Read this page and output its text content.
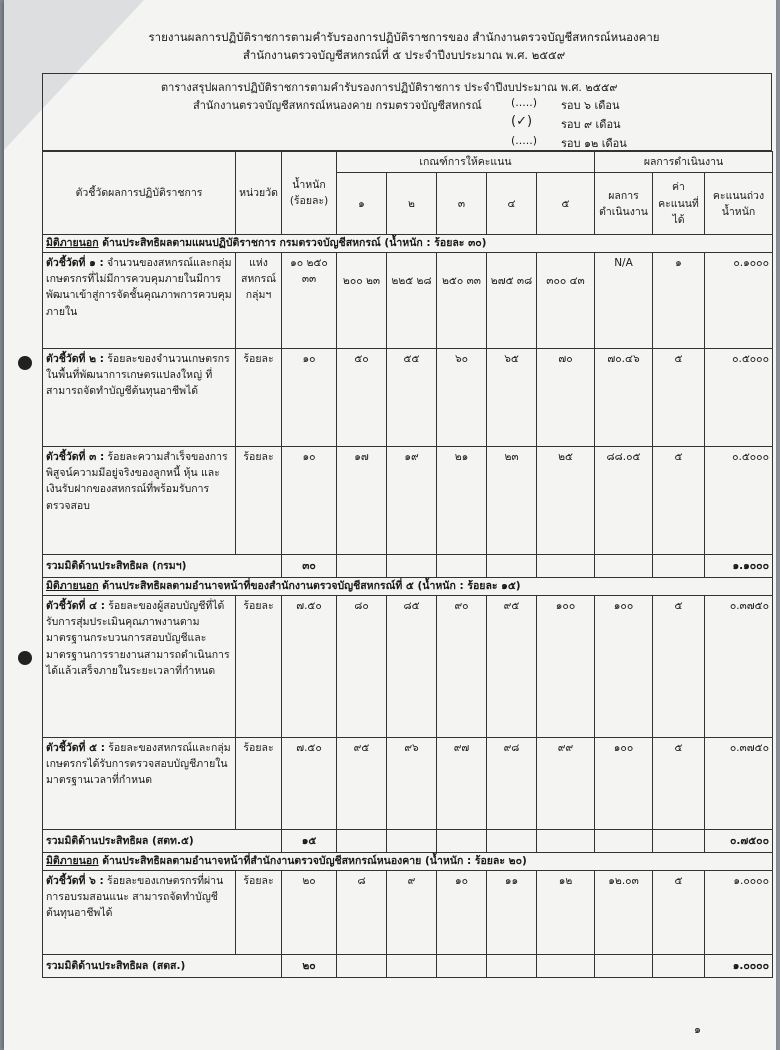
รายงานผลการปฏิบัติราชการตามคำรับรองการปฏิบัติราชการของ สำนักงานตรวจบัญชีสหกรณ์หนองคาย
สำนักงานตรวจบัญชีสหกรณ์ที่ ๕ ประจำปีงบประมาณ พ.ศ. ๒๕๕๙
ตารางสรุปผลการปฏิบัติราชการตามคำรับรองการปฏิบัติราชการ ประจำปีงบประมาณ พ.ศ. ๒๕๕๙
สำนักงานตรวจบัญชีสหกรณ์หนองคาย กรมตรวจบัญชีสหกรณ์	(.....) รอบ ๖ เดือน
(✓)	รอบ ๙ เดือน
(.....) รอบ ๑๒ เดือน
ตัวชี้วัดผลการปฏิบัติราชการ	หน่วยวัด	น้ำหนัก (ร้อยละ)	เกณฑ์การให้คะแนน					ผลการดำเนินงาน		
			๑	๒	๓	๔	๕	ผลการดำเนินงาน	ค่าคะแนนที่ได้	คะแนนถ่วงน้ำหนัก
มิติภายนอก ด้านประสิทธิผลตามแผนปฏิบัติราชการ กรมตรวจบัญชีสหกรณ์ (น้ำหนัก : ร้อยละ ๓๐)										
ตัวชี้วัดที่ ๑ : จำนวนของสหกรณ์และกลุ่มเกษตรกรที่ไม่มีการควบคุมภายในมีการพัฒนาเข้าสู่การจัดชั้นคุณภาพการควบคุมภายใน	แห่ง สหกรณ์ กลุ่มฯ	๑๐ ๒๕๐ ๓๓	๒๐๐ ๒๓	๒๒๕ ๒๘	๒๕๐ ๓๓	๒๗๕ ๓๘	๓๐๐ ๔๓	N/A	๑	๐.๑๐๐๐
ตัวชี้วัดที่ ๒ : ร้อยละของจำนวนเกษตรกรในพื้นที่พัฒนาการเกษตรแปลงใหญ่ ที่สามารถจัดทำบัญชีต้นทุนอาชีพได้	ร้อยละ	๑๐	๕๐	๕๕	๖๐	๖๕	๗๐	๗๐.๔๖	๕	๐.๕๐๐๐
ตัวชี้วัดที่ ๓ : ร้อยละความสำเร็จของการพิสูจน์ความมีอยู่จริงของลูกหนี้ หุ้น และเงินรับฝากของสหกรณ์ที่พร้อมรับการตรวจสอบ	ร้อยละ	๑๐	๑๗	๑๙	๒๑	๒๓	๒๕	๘๘.๐๕	๕	๐.๕๐๐๐
รวมมิติด้านประสิทธิผล (กรมฯ)		๓๐								๑.๑๐๐๐
มิติภายนอก ด้านประสิทธิผลตามอำนาจหน้าที่ของสำนักงานตรวจบัญชีสหกรณ์ที่ ๕ (น้ำหนัก : ร้อยละ ๑๕)										
ตัวชี้วัดที่ ๔ : ร้อยละของผู้สอบบัญชีที่ได้รับการสุ่มประเมินคุณภาพงานตามมาตรฐานกระบวนการสอบบัญชีและมาตรฐานการรายงานสามารถดำเนินการได้แล้วเสร็จภายในระยะเวลาที่กำหนด	ร้อยละ	๗.๕๐	๘๐	๘๕	๙๐	๙๕	๑๐๐	๑๐๐	๕	๐.๓๗๕๐
ตัวชี้วัดที่ ๕ : ร้อยละของสหกรณ์และกลุ่มเกษตรกรได้รับการตรวจสอบบัญชีภายในมาตรฐานเวลาที่กำหนด	ร้อยละ	๗.๕๐	๙๕	๙๖	๙๗	๙๘	๙๙	๑๐๐	๕	๐.๓๗๕๐
รวมมิติด้านประสิทธิผล (สตท.๕)		๑๕								๐.๗๕๐๐
มิติภายนอก ด้านประสิทธิผลตามอำนาจหน้าที่สำนักงานตรวจบัญชีสหกรณ์หนองคาย (น้ำหนัก : ร้อยละ ๒๐)										
ตัวชี้วัดที่ ๖ : ร้อยละของเกษตรกรที่ผ่านการอบรมสอนแนะ สามารถจัดทำบัญชีต้นทุนอาชีพได้	ร้อยละ	๒๐	๘	๙	๑๐	๑๑	๑๒	๑๒.๐๓	๕	๑.๐๐๐๐
รวมมิติด้านประสิทธิผล (สตส.)		๒๐								๑.๐๐๐๐
๑
